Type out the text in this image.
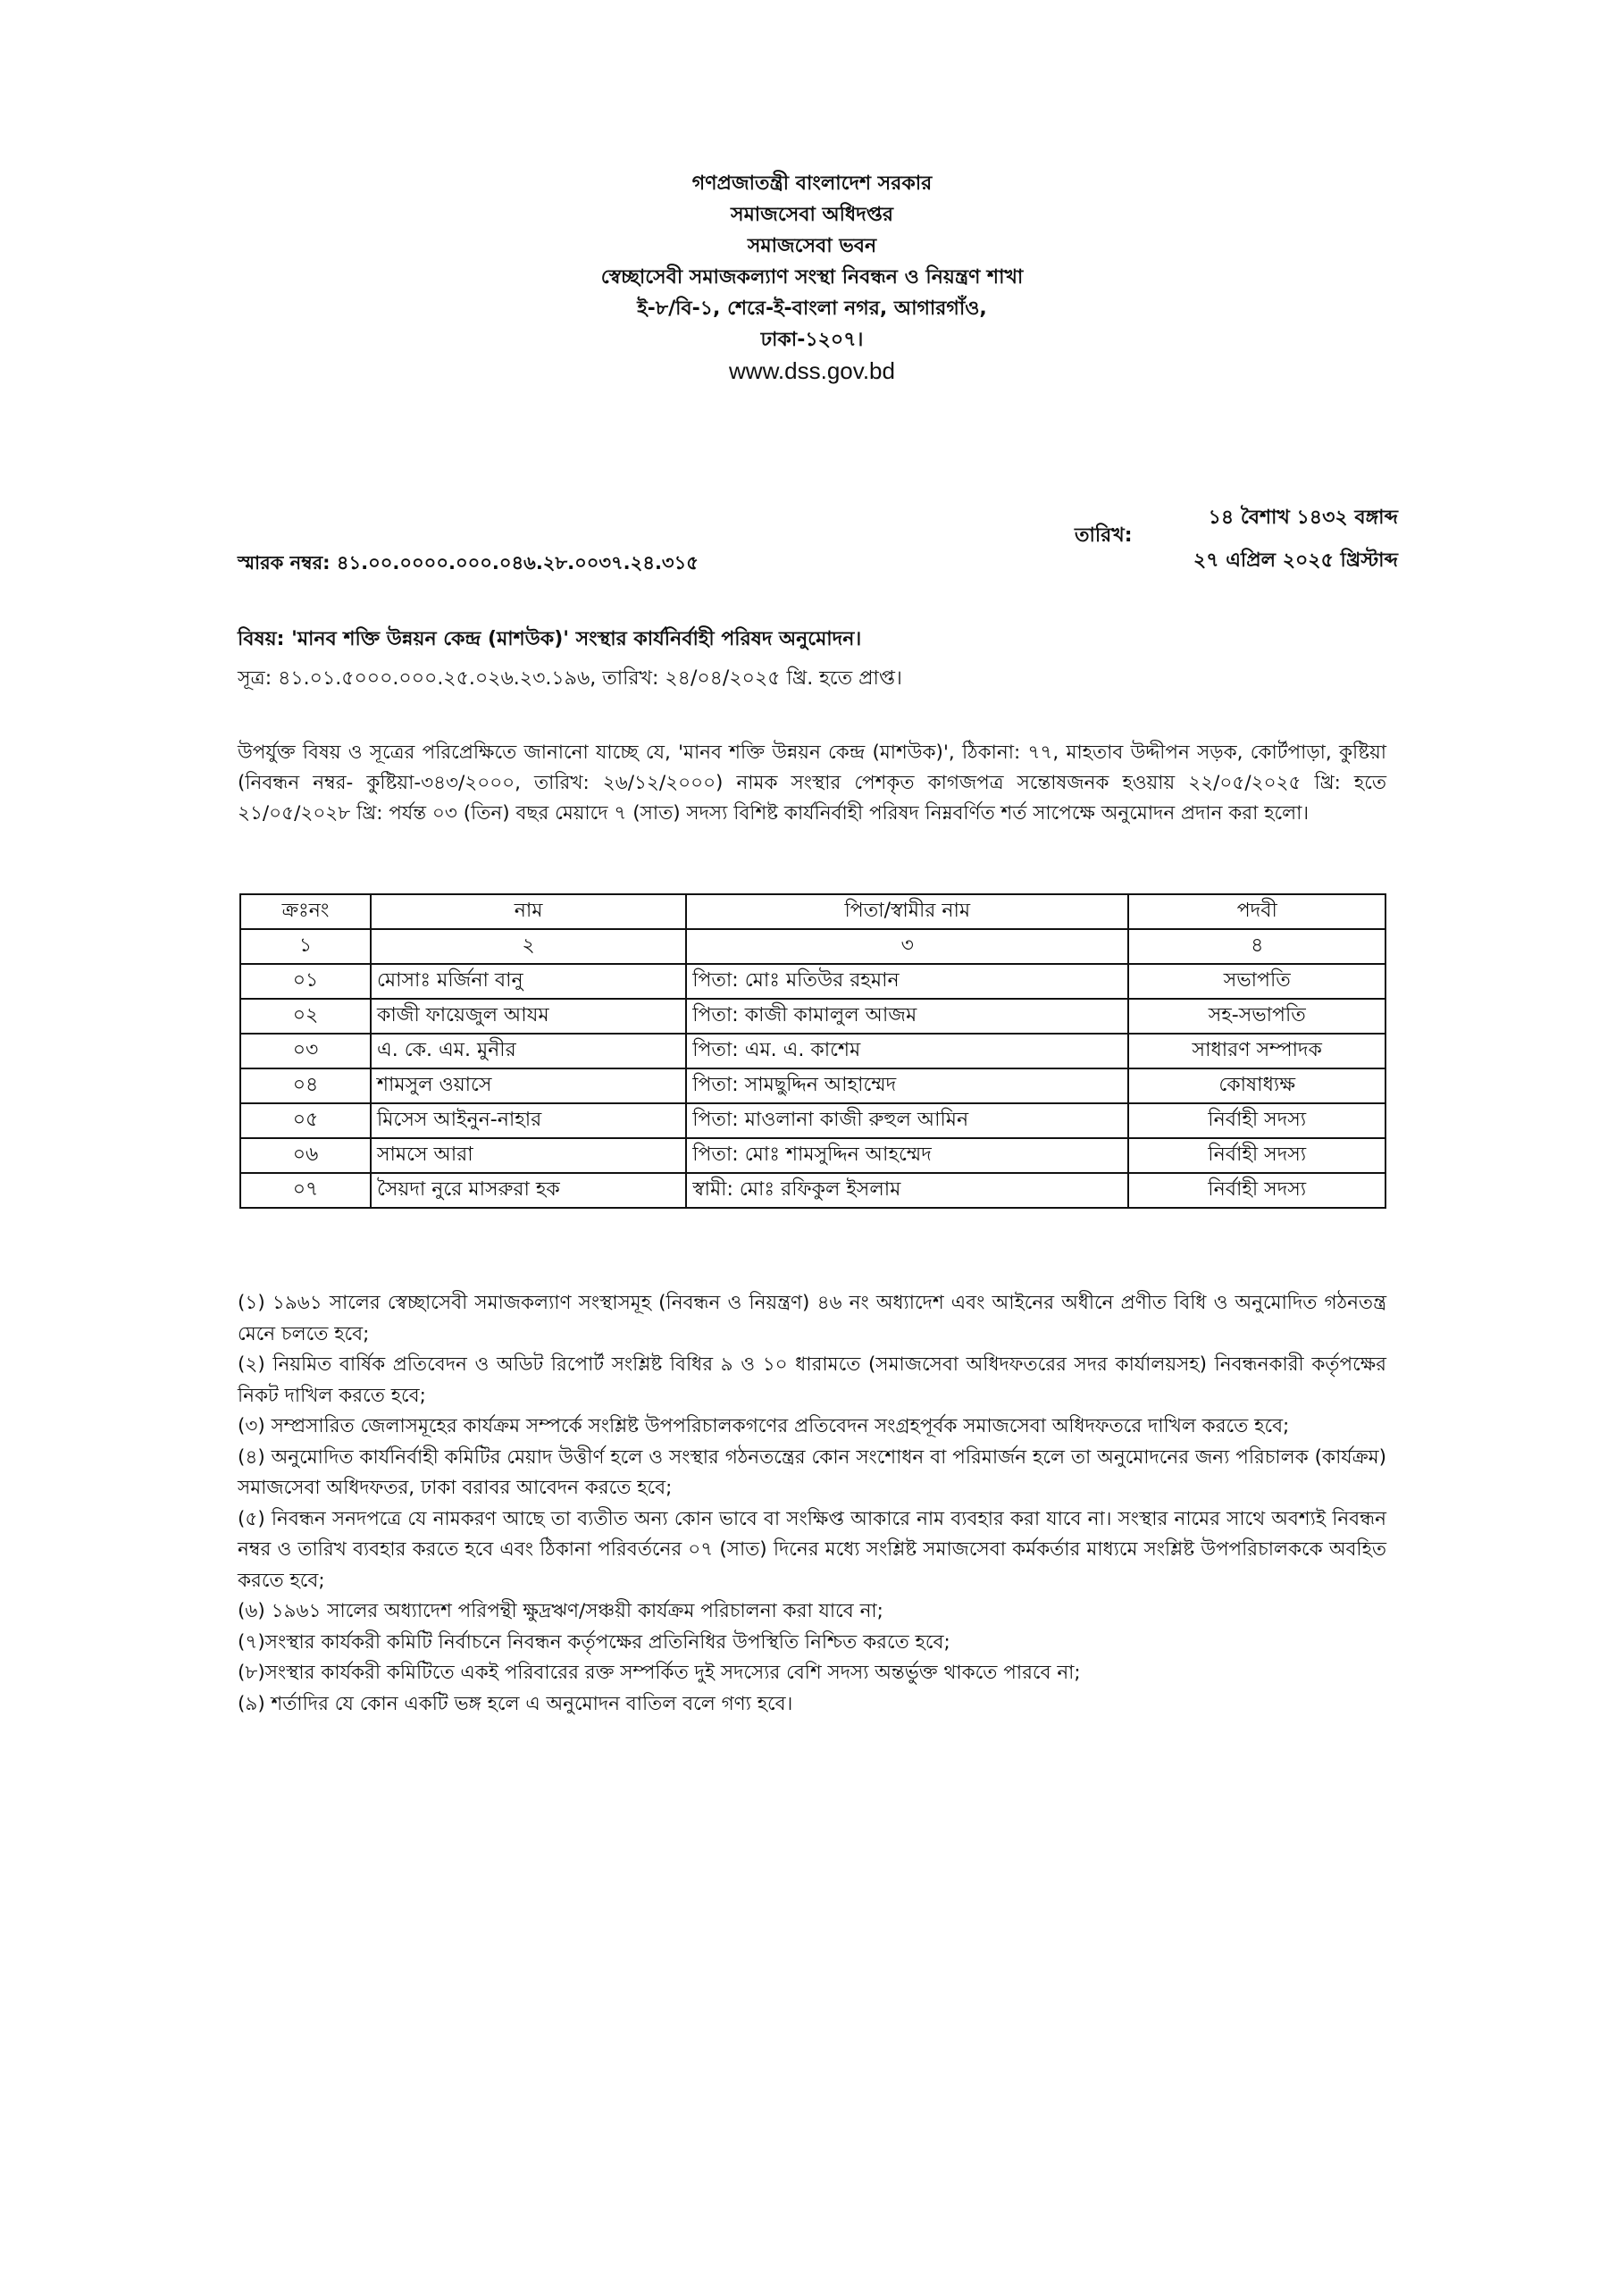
গণপ্রজাতন্ত্রী বাংলাদেশ সরকার
সমাজসেবা অধিদপ্তর
সমাজসেবা ভবন
স্বেচ্ছাসেবী সমাজকল্যাণ সংস্থা নিবন্ধন ও নিয়ন্ত্রণ শাখা
ই-৮/বি-১, শেরে-ই-বাংলা নগর, আগারগাঁও,
ঢাকা-১২০৭।
www.dss.gov.bd
তারিখ:
১৪ বৈশাখ ১৪৩২ বঙ্গাব্দ
২৭ এপ্রিল ২০২৫ খ্রিস্টাব্দ
স্মারক নম্বর: ৪১.০০.০০০০.০০০.০৪৬.২৮.০০৩৭.২৪.৩১৫
বিষয়: 'মানব শক্তি উন্নয়ন কেন্দ্র (মাশউক)' সংস্থার কার্যনির্বাহী পরিষদ অনুমোদন।
সূত্র: ৪১.০১.৫০০০.০০০.২৫.০২৬.২৩.১৯৬, তারিখ: ২৪/০৪/২০২৫ খ্রি. হতে প্রাপ্ত।
উপর্যুক্ত বিষয় ও সূত্রের পরিপ্রেক্ষিতে জানানো যাচ্ছে যে, 'মানব শক্তি উন্নয়ন কেন্দ্র (মাশউক)', ঠিকানা: ৭৭, মাহতাব উদ্দীপন সড়ক, কোর্টপাড়া, কুষ্টিয়া (নিবন্ধন নম্বর- কুষ্টিয়া-৩৪৩/২০০০, তারিখ: ২৬/১২/২০০০) নামক সংস্থার পেশকৃত কাগজপত্র সন্তোষজনক হওয়ায় ২২/০৫/২০২৫ খ্রি: হতে ২১/০৫/২০২৮ খ্রি: পর্যন্ত ০৩ (তিন) বছর মেয়াদে ৭ (সাত) সদস্য বিশিষ্ট কার্যনির্বাহী পরিষদ নিম্নবর্ণিত শর্ত সাপেক্ষে অনুমোদন প্রদান করা হলো।
ক্রঃনং	নাম	পিতা/স্বামীর নাম	পদবী
১	২	৩	৪
০১	মোসাঃ মর্জিনা বানু	পিতা: মোঃ মতিউর রহমান	সভাপতি
০২	কাজী ফায়েজুল আযম	পিতা: কাজী কামালুল আজম	সহ-সভাপতি
০৩	এ. কে. এম. মুনীর	পিতা: এম. এ. কাশেম	সাধারণ সম্পাদক
০৪	শামসুল ওয়াসে	পিতা: সামছুদ্দিন আহাম্মেদ	কোষাধ্যক্ষ
০৫	মিসেস আইনুন-নাহার	পিতা: মাওলানা কাজী রুহুল আমিন	নির্বাহী সদস্য
০৬	সামসে আরা	পিতা: মোঃ শামসুদ্দিন আহম্মেদ	নির্বাহী সদস্য
০৭	সৈয়দা নুরে মাসরুরা হক	স্বামী: মোঃ রফিকুল ইসলাম	নির্বাহী সদস্য

(১) ১৯৬১ সালের স্বেচ্ছাসেবী সমাজকল্যাণ সংস্থাসমূহ (নিবন্ধন ও নিয়ন্ত্রণ) ৪৬ নং অধ্যাদেশ এবং আইনের অধীনে প্রণীত বিধি ও অনুমোদিত গঠনতন্ত্র মেনে চলতে হবে;

(২) নিয়মিত বার্ষিক প্রতিবেদন ও অডিট রিপোর্ট সংশ্লিষ্ট বিধির ৯ ও ১০ ধারামতে (সমাজসেবা অধিদফতরের সদর কার্যালয়সহ) নিবন্ধনকারী কর্তৃপক্ষের নিকট দাখিল করতে হবে;

(৩) সম্প্রসারিত জেলাসমূহের কার্যক্রম সম্পর্কে সংশ্লিষ্ট উপপরিচালকগণের প্রতিবেদন সংগ্রহপূর্বক সমাজসেবা অধিদফতরে দাখিল করতে হবে;

(৪) অনুমোদিত কার্যনির্বাহী কমিটির মেয়াদ উত্তীর্ণ হলে ও সংস্থার গঠনতন্ত্রের কোন সংশোধন বা পরিমার্জন হলে তা অনুমোদনের জন্য পরিচালক (কার্যক্রম) সমাজসেবা অধিদফতর, ঢাকা বরাবর আবেদন করতে হবে;

(৫) নিবন্ধন সনদপত্রে যে নামকরণ আছে তা ব্যতীত অন্য কোন ভাবে বা সংক্ষিপ্ত আকারে নাম ব্যবহার করা যাবে না। সংস্থার নামের সাথে অবশ্যই নিবন্ধন নম্বর ও তারিখ ব্যবহার করতে হবে এবং ঠিকানা পরিবর্তনের ০৭ (সাত) দিনের মধ্যে সংশ্লিষ্ট সমাজসেবা কর্মকর্তার মাধ্যমে সংশ্লিষ্ট উপপরিচালককে অবহিত করতে হবে;

(৬) ১৯৬১ সালের অধ্যাদেশ পরিপন্থী ক্ষুদ্রঋণ/সঞ্চয়ী কার্যক্রম পরিচালনা করা যাবে না;

(৭)সংস্থার কার্যকরী কমিটি নির্বাচনে নিবন্ধন কর্তৃপক্ষের প্রতিনিধির উপস্থিতি নিশ্চিত করতে হবে;

(৮)সংস্থার কার্যকরী কমিটিতে একই পরিবারের রক্ত সম্পর্কিত দুই সদস্যের বেশি সদস্য অন্তর্ভুক্ত থাকতে পারবে না;

(৯) শর্তাদির যে কোন একটি ভঙ্গ হলে এ অনুমোদন বাতিল বলে গণ্য হবে।
